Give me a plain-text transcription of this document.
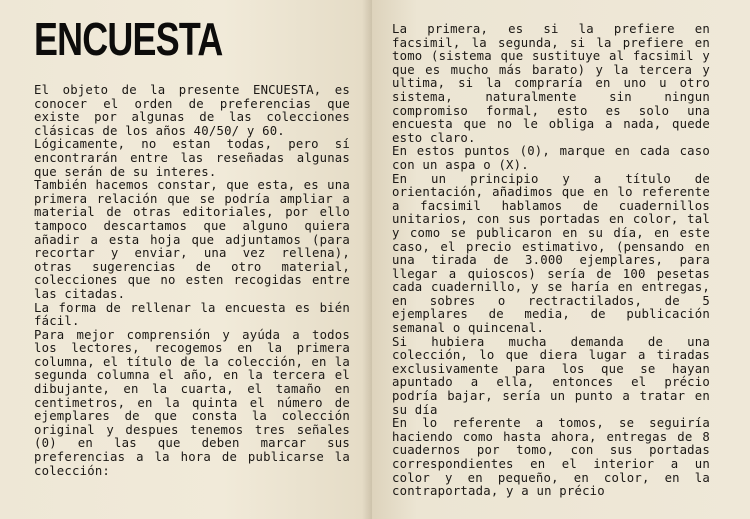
ENCUESTA

El objeto de la presente ENCUESTA, es conocer el orden de preferencias que existe por algunas de las colecciones clásicas de los años 40/50/ y 60.

Lógicamente, no estan todas, pero sí encontrarán entre las reseñadas algunas que serán de su interes.

También hacemos constar, que esta, es una primera relación que se podría ampliar a material de otras editoriales, por ello tampoco descartamos que alguno quiera añadir a esta hoja que adjuntamos (para recortar y enviar, una vez rellena), otras sugerencias de otro material, colecciones que no esten recogidas entre las citadas.

La forma de rellenar la encuesta es bién fácil.

Para mejor comprensión y ayúda a todos los lectores, recogemos en la primera columna, el título de la colección, en la segunda columna el año, en la tercera el dibujante, en la cuarta, el tamaño en centimetros, en la quinta el número de ejemplares de que consta la colección original y despues tenemos tres señales (0) en las que deben marcar sus preferencias a la hora de publicarse la colección:

La primera, es si la prefiere en facsimil, la segunda, si la prefiere en tomo (sistema que sustituye al facsimil y que es mucho más barato) y la tercera y ultima, si la compraría en uno u otro sistema, naturalmente sin ningun compromiso formal, esto es solo una encuesta que no le obliga a nada, quede esto claro.

En estos puntos (0), marque en cada caso con un aspa o (X).

En un principio y a título de orientación, añadimos que en lo referente a facsimil hablamos de cuadernillos unitarios, con sus portadas en color, tal y como se publicaron en su día, en este caso, el precio estimativo, (pensando en una tirada de 3.000 ejemplares, para llegar a quioscos) sería de 100 pesetas cada cuadernillo, y se haría en entregas, en sobres o rectractilados, de 5 ejemplares de media, de publicación semanal o quincenal.

Si hubiera mucha demanda de una colección, lo que diera lugar a tiradas exclusivamente para los que se hayan apuntado a ella, entonces el précio podría bajar, sería un punto a tratar en su día

En lo referente a tomos, se seguiría haciendo como hasta ahora, entregas de 8 cuadernos por tomo, con sus portadas correspondientes en el interior a un color y en pequeño, en color, en la contraportada, y a un précio
